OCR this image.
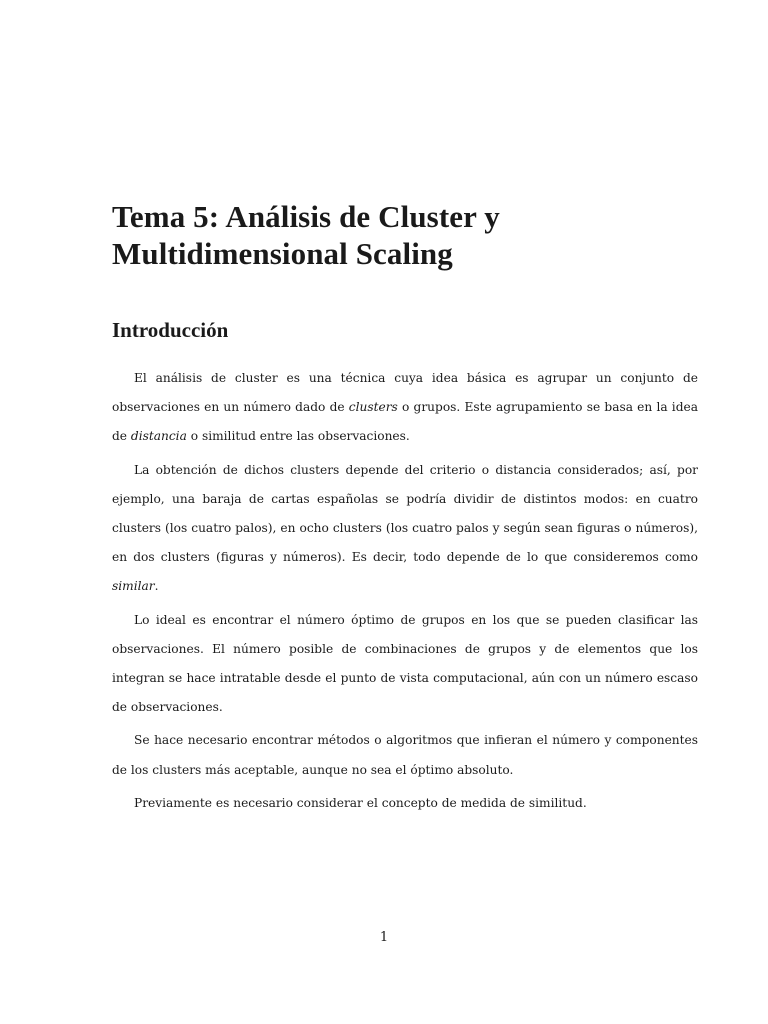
Tema 5: Análisis de Cluster y
Multidimensional Scaling
Introducción

El análisis de cluster es una técnica cuya idea básica es agrupar un conjunto de observaciones en un número dado de clusters o grupos. Este agrupamiento se basa en la idea de distancia o similitud entre las observaciones.

La obtención de dichos clusters depende del criterio o distancia considerados; así, por ejemplo, una baraja de cartas españolas se podría dividir de distintos modos: en cuatro clusters (los cuatro palos), en ocho clusters (los cuatro palos y según sean figuras o números), en dos clusters (figuras y números). Es decir, todo depende de lo que consideremos como similar.

Lo ideal es encontrar el número óptimo de grupos en los que se pueden clasificar las observaciones. El número posible de combinaciones de grupos y de elementos que los integran se hace intratable desde el punto de vista computacional, aún con un número escaso de observaciones.

Se hace necesario encontrar métodos o algoritmos que infieran el número y componentes de los clusters más aceptable, aunque no sea el óptimo absoluto.

Previamente es necesario considerar el concepto de medida de similitud.

1
